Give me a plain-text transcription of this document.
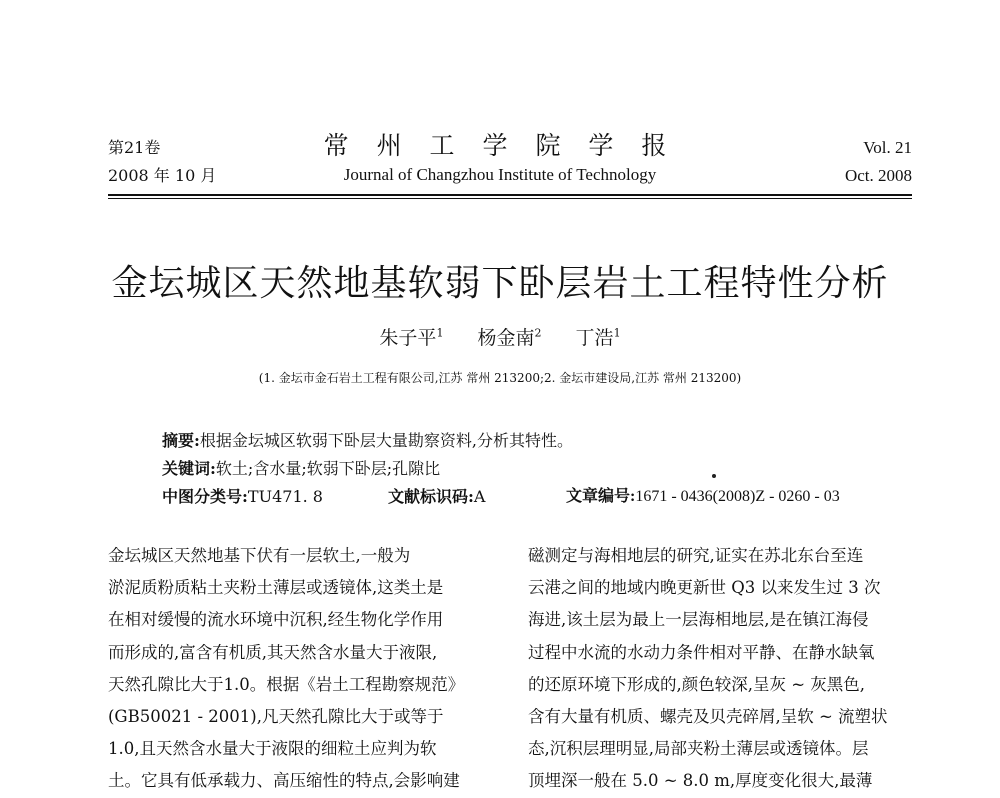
第21卷
2008 年 10 月
常 州 工 学 院 学 报
Journal of Changzhou Institute of Technology
Vol. 21
Oct. 2008
金坛城区天然地基软弱下卧层岩土工程特性分析
朱子平$^1$ 杨金南$^2$ 丁浩$^1$
(1. 金坛市金石岩土工程有限公司,江苏 常州 213200;2. 金坛市建设局,江苏 常州 213200)
摘要:根据金坛城区软弱下卧层大量勘察资料,分析其特性。
关键词:软土;含水量;软弱下卧层;孔隙比
中图分类号:TU471. 8	文献标识码:A	文章编号:1671 - 0436(2008)Z - 0260 - 03
金坛城区天然地基下伏有一层软土,一般为
淤泥质粉质粘土夹粉土薄层或透镜体,这类土是
在相对缓慢的流水环境中沉积,经生物化学作用
而形成的,富含有机质,其天然含水量大于液限,
天然孔隙比大于1.0。根据《岩土工程勘察规范》
(GB50021 - 2001),凡天然孔隙比大于或等于
1.0,且天然含水量大于液限的细粒土应判为软
土。它具有低承载力、高压缩性的特点,会影响建
磁测定与海相地层的研究,证实在苏北东台至连
云港之间的地域内晚更新世 Q3 以来发生过 3 次
海进,该土层为最上一层海相地层,是在镇江海侵
过程中水流的水动力条件相对平静、在静水缺氧
的还原环境下形成的,颜色较深,呈灰 ~ 灰黑色,
含有大量有机质、螺壳及贝壳碎屑,呈软 ~ 流塑状
态,沉积层理明显,局部夹粉土薄层或透镜体。层
顶埋深一般在 5.0 ~ 8.0 m,厚度变化很大,最薄
